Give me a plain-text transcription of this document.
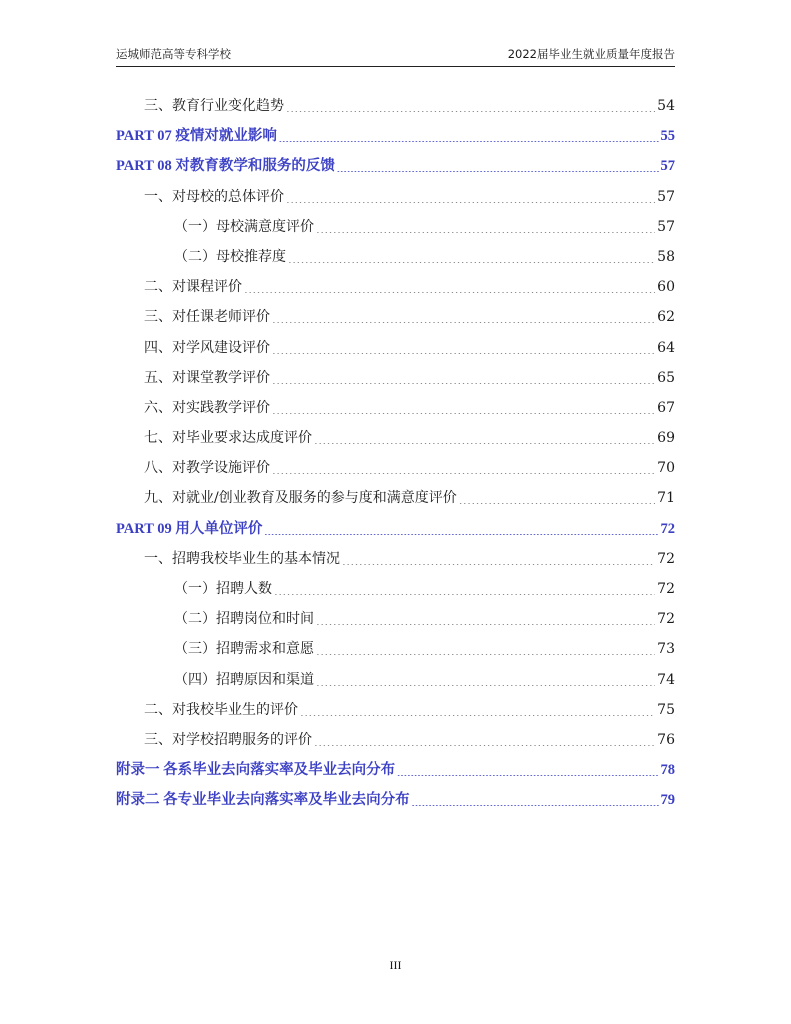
运城师范高等专科学校	2022届毕业生就业质量年度报告
三、教育行业变化趋势 .....	54
PART 07 疫情对就业影响 .....	55
PART 08 对教育教学和服务的反馈 .....	57
一、对母校的总体评价 .....	57
（一）母校满意度评价 .....	57
（二）母校推荐度 .....	58
二、对课程评价 .....	60
三、对任课老师评价 .....	62
四、对学风建设评价 .....	64
五、对课堂教学评价 .....	65
六、对实践教学评价 .....	67
七、对毕业要求达成度评价 .....	69
八、对教学设施评价 .....	70
九、对就业/创业教育及服务的参与度和满意度评价 .....	71
PART 09 用人单位评价 .....	72
一、招聘我校毕业生的基本情况 .....	72
（一）招聘人数 .....	72
（二）招聘岗位和时间 .....	72
（三）招聘需求和意愿 .....	73
（四）招聘原因和渠道 .....	74
二、对我校毕业生的评价 .....	75
三、对学校招聘服务的评价 .....	76
附录一 各系毕业去向落实率及毕业去向分布 .....	78
附录二 各专业毕业去向落实率及毕业去向分布 .....	79
III
